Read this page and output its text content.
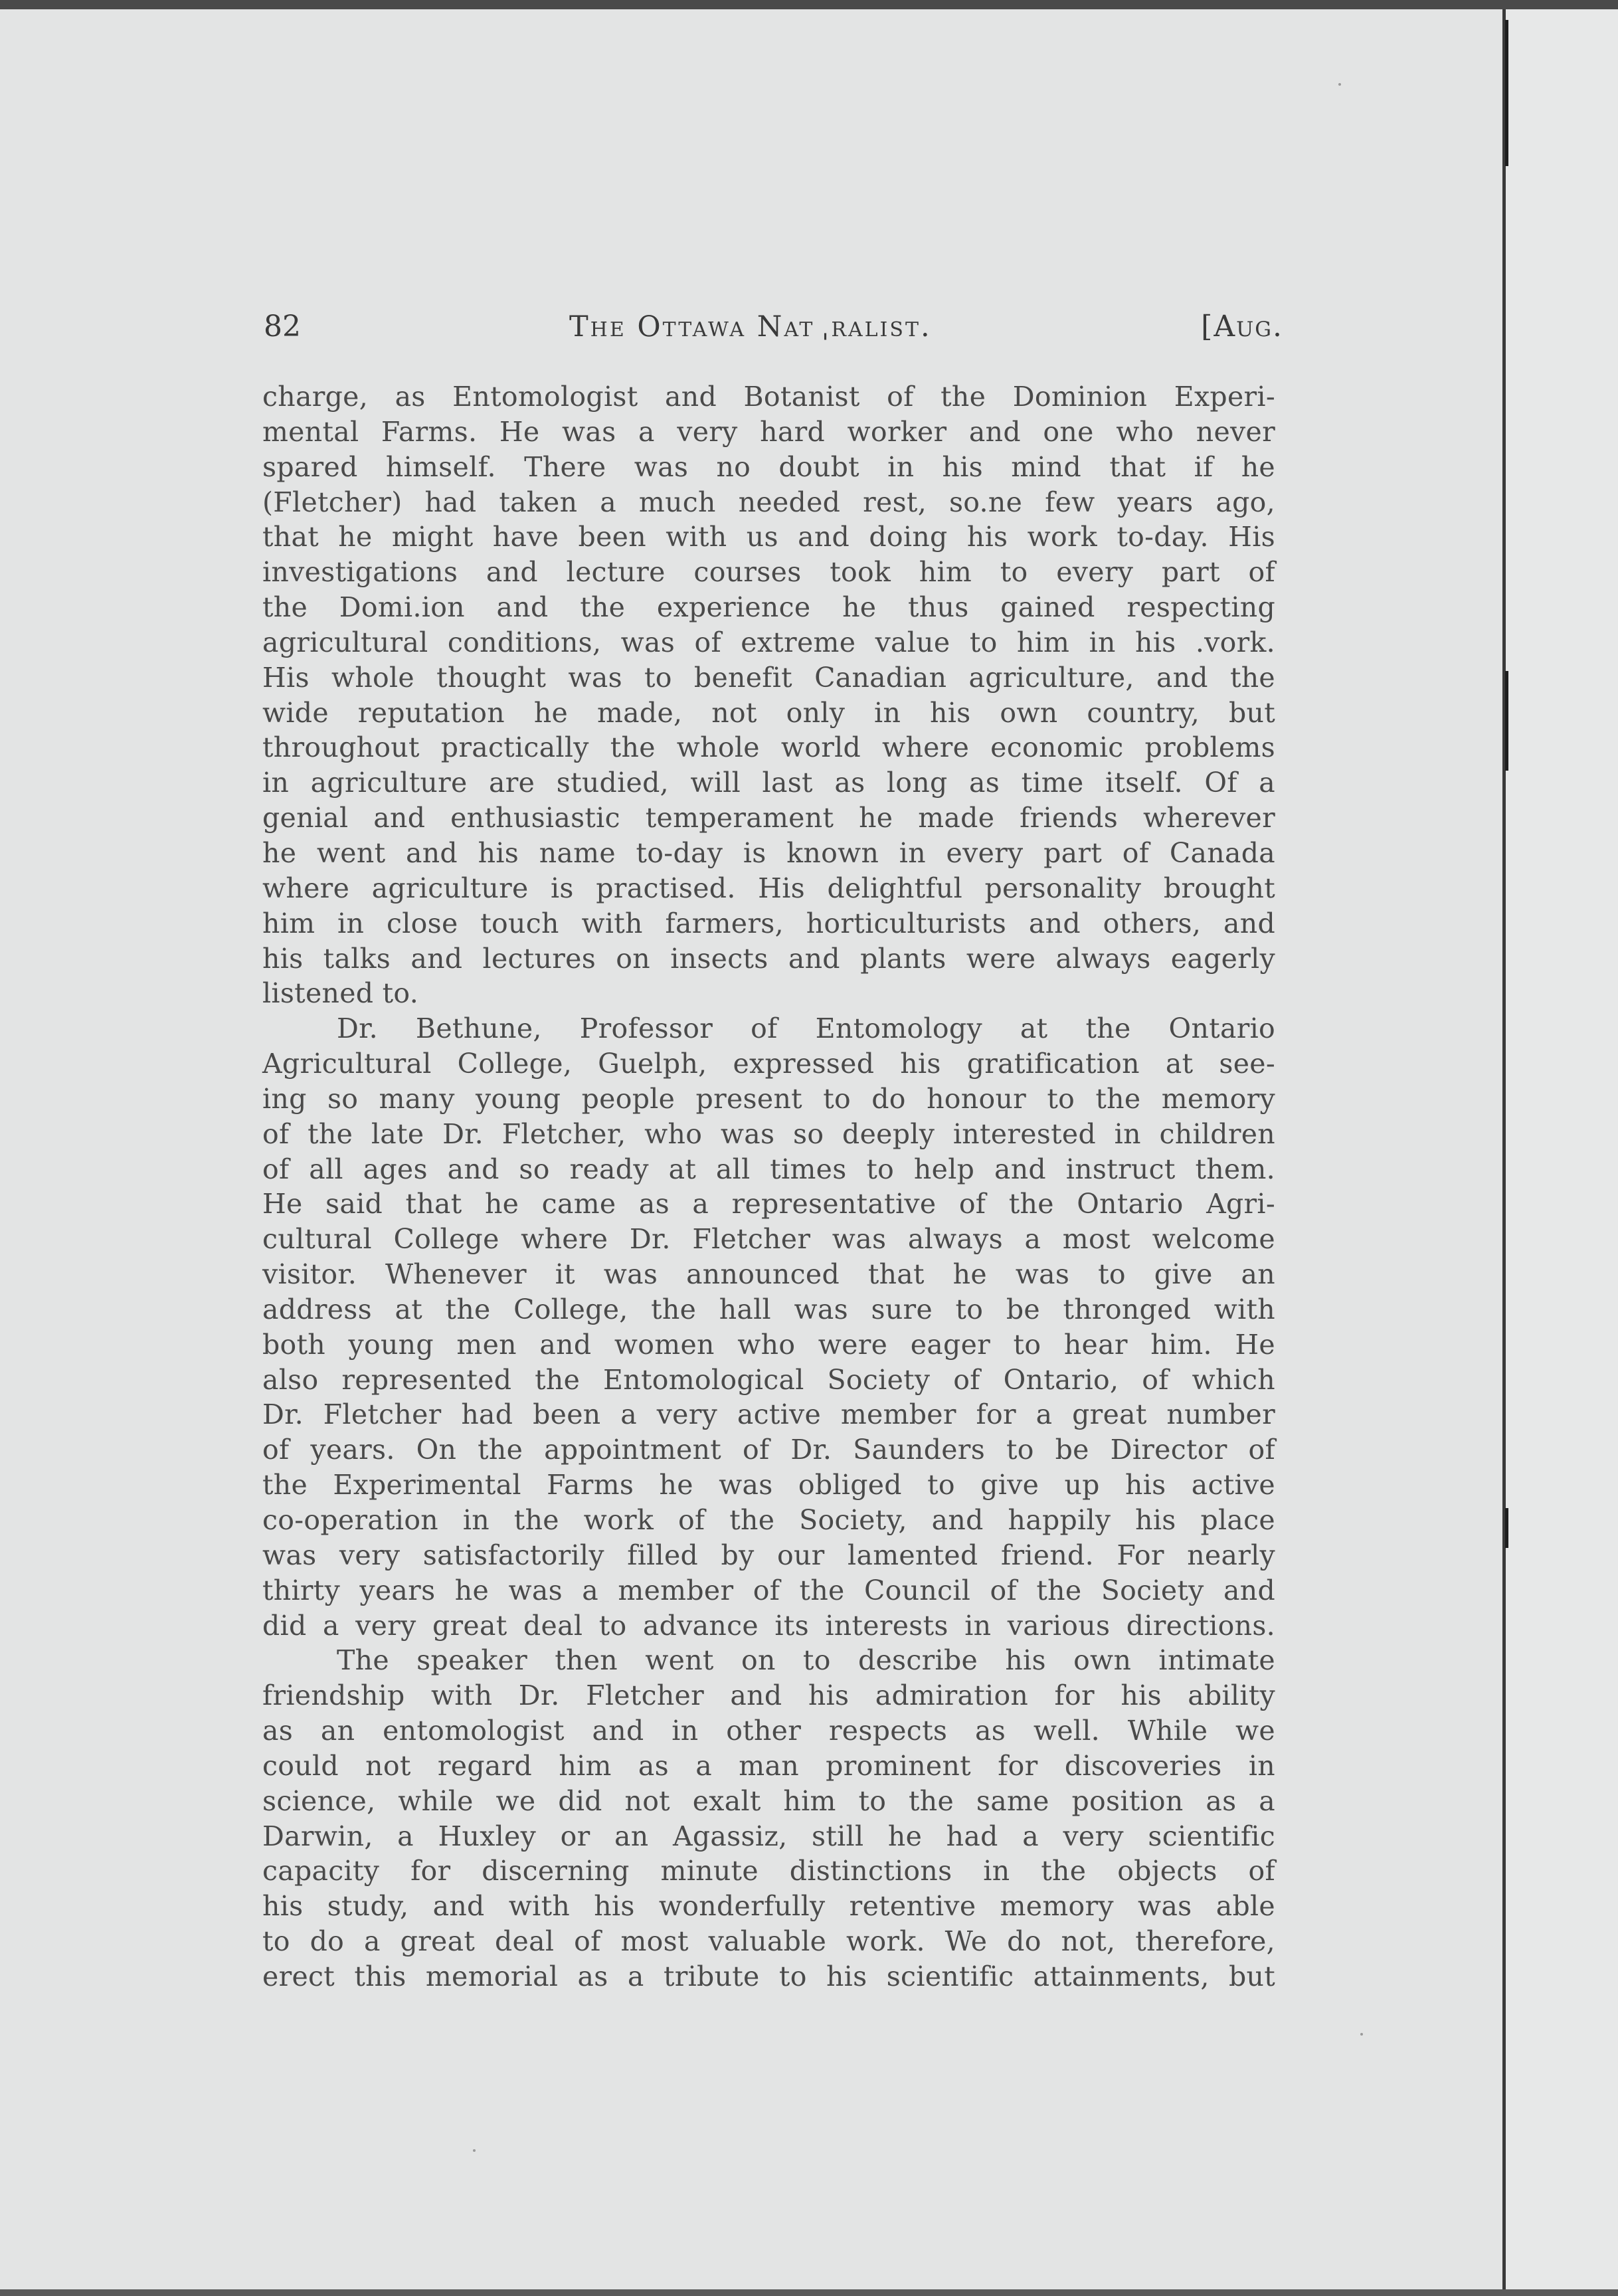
82	The Ottawa Nat ˌralist.	[Aug.
charge, as Entomologist and Botanist of the Dominion Experi-
mental Farms. He was a very hard worker and one who never
spared himself. There was no doubt in his mind that if he
(Fletcher) had taken a much needed rest, so.ne few years ago,
that he might have been with us and doing his work to-day. His
investigations and lecture courses took him to every part of
the Domi.ion and the experience he thus gained respecting
agricultural conditions, was of extreme value to him in his .vork.
His whole thought was to benefit Canadian agriculture, and the
wide reputation he made, not only in his own country, but
throughout practically the whole world where economic problems
in agriculture are studied, will last as long as time itself. Of a
genial and enthusiastic temperament he made friends wherever
he went and his name to-day is known in every part of Canada
where agriculture is practised. His delightful personality brought
him in close touch with farmers, horticulturists and others, and
his talks and lectures on insects and plants were always eagerly
listened to.
Dr. Bethune, Professor of Entomology at the Ontario
Agricultural College, Guelph, expressed his gratification at see-
ing so many young people present to do honour to the memory
of the late Dr. Fletcher, who was so deeply interested in children
of all ages and so ready at all times to help and instruct them.
He said that he came as a representative of the Ontario Agri-
cultural College where Dr. Fletcher was always a most welcome
visitor. Whenever it was announced that he was to give an
address at the College, the hall was sure to be thronged with
both young men and women who were eager to hear him. He
also represented the Entomological Society of Ontario, of which
Dr. Fletcher had been a very active member for a great number
of years. On the appointment of Dr. Saunders to be Director of
the Experimental Farms he was obliged to give up his active
co-operation in the work of the Society, and happily his place
was very satisfactorily filled by our lamented friend. For nearly
thirty years he was a member of the Council of the Society and
did a very great deal to advance its interests in various directions.
The speaker then went on to describe his own intimate
friendship with Dr. Fletcher and his admiration for his ability
as an entomologist and in other respects as well. While we
could not regard him as a man prominent for discoveries in
science, while we did not exalt him to the same position as a
Darwin, a Huxley or an Agassiz, still he had a very scientific
capacity for discerning minute distinctions in the objects of
his study, and with his wonderfully retentive memory was able
to do a great deal of most valuable work. We do not, therefore,
erect this memorial as a tribute to his scientific attainments, but
